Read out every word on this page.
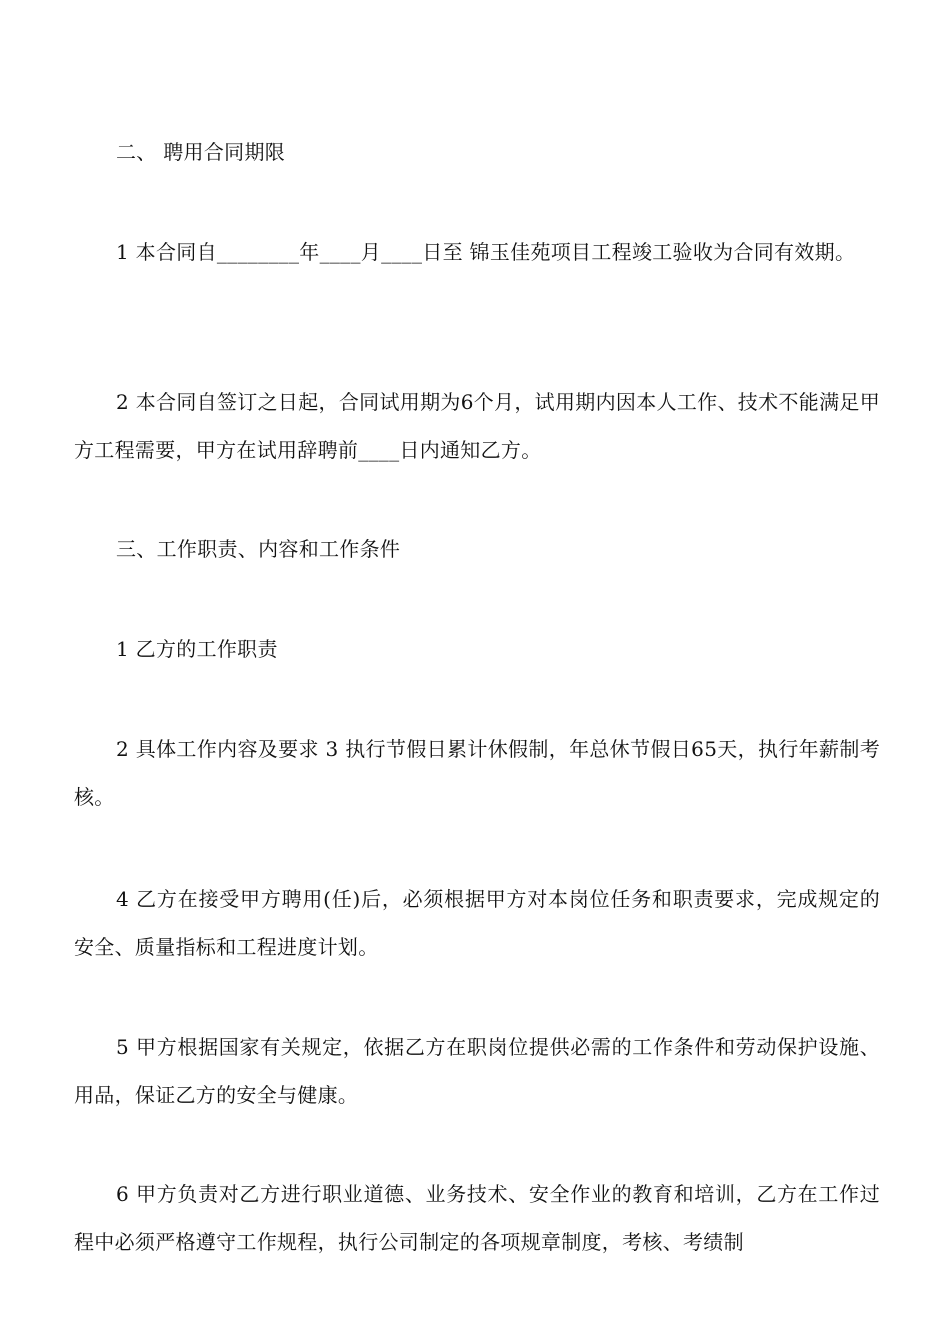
二、 聘用合同期限
1 本合同自________年____月____日至 锦玉佳苑项目工程竣工验收为合同有效期。
2 本合同自签订之日起，合同试用期为6个月，试用期内因本人工作、技术不能满足甲方工程需要，甲方在试用辞聘前____日内通知乙方。
三、工作职责、内容和工作条件
1 乙方的工作职责
2 具体工作内容及要求 3 执行节假日累计休假制，年总休节假日65天，执行年薪制考核。
4 乙方在接受甲方聘用(任)后，必须根据甲方对本岗位任务和职责要求，完成规定的安全、质量指标和工程进度计划。
5 甲方根据国家有关规定，依据乙方在职岗位提供必需的工作条件和劳动保护设施、用品，保证乙方的安全与健康。
6 甲方负责对乙方进行职业道德、业务技术、安全作业的教育和培训，乙方在工作过程中必须严格遵守工作规程，执行公司制定的各项规章制度，考核、考绩制
